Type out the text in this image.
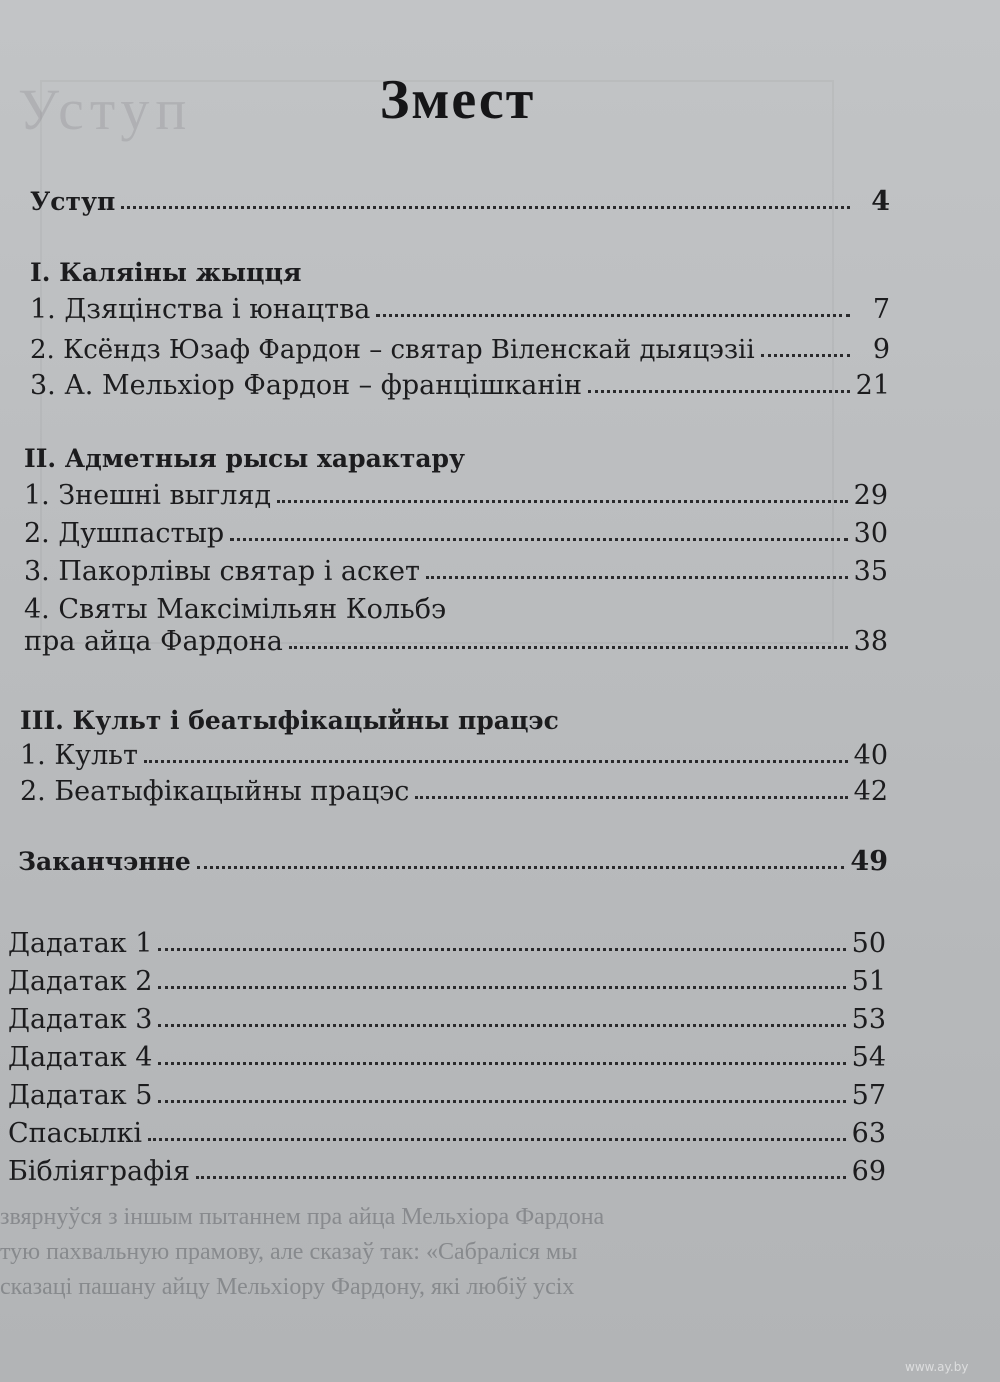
Уступ
звярнуўся з іншым пытаннем пра айца Мельхіора Фардона
тую пахвальную прамову, але сказаў так: «Сабраліся мы
сказаці пашану айцу Мельхіору Фардону, які любіў усіх
Змест
Уступ	4
I. Каляіны жыцця
1. Дзяцінства і юнацтва	7
2. Ксёндз Юзаф Фардон – святар Віленскай дыяцэзіі	9
3. А. Мельхіор Фардон – францішканін	21
II. Адметныя рысы характару
1. Знешні выгляд	29
2. Душпастыр	30
3. Пакорлівы святар і аскет	35
4. Святы Максімільян Кольбэ
пра айца Фардона	38
III. Культ і беатыфікацыйны працэс
1. Культ	40
2. Беатыфікацыйны працэс	42
Заканчэнне	49
Дадатак 1	50
Дадатак 2	51
Дадатак 3	53
Дадатак 4	54
Дадатак 5	57
Спасылкі	63
Бібліяграфія	69
www.ay.by
